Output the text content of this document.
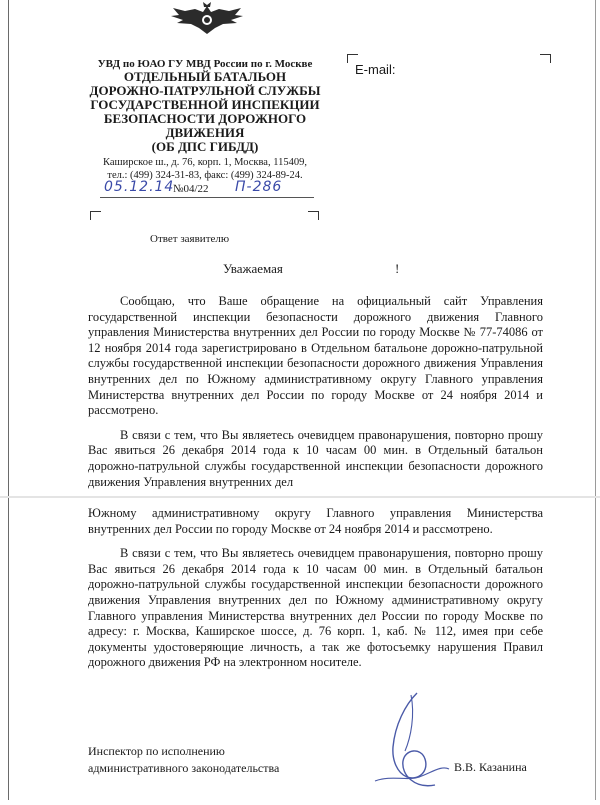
УВД по ЮАО ГУ МВД России по г. Москве

ОТДЕЛЬНЫЙ БАТАЛЬОН

ДОРОЖНО-ПАТРУЛЬНОЙ СЛУЖБЫ

ГОСУДАРСТВЕННОЙ ИНСПЕКЦИИ

БЕЗОПАСНОСТИ ДОРОЖНОГО

ДВИЖЕНИЯ

(ОБ ДПС ГИБДД)

Каширское ш., д. 76, корп. 1, Москва, 115409,

тел.: (499) 324-31-83, факс: (499) 324-89-24.

05.12.14
№04/22 П-286
E-mail:
Ответ заявителю
Уважаемая	!

Сообщаю, что Ваше обращение на официальный сайт Управления государственной инспекции безопасности дорожного движения Главного управления Министерства внутренних дел России по городу Москве № 77-74086 от 12 ноября 2014 года зарегистрировано в Отдельном батальоне дорожно-патрульной службы государственной инспекции безопасности дорожного движения Управления внутренних дел по Южному административному округу Главного управления Министерства внутренних дел России по городу Москве от 24 ноября 2014 и рассмотрено.

В связи с тем, что Вы являетесь очевидцем правонарушения, повторно прошу Вас явиться 26 декабря 2014 года к 10 часам 00 мин. в Отдельный батальон дорожно-патрульной службы государственной инспекции безопасности дорожного движения Управления внутренних дел

Южному административному округу Главного управления Министерства внутренних дел России по городу Москве от 24 ноября 2014 и рассмотрено.

В связи с тем, что Вы являетесь очевидцем правонарушения, повторно прошу Вас явиться 26 декабря 2014 года к 10 часам 00 мин. в Отдельный батальон дорожно-патрульной службы государственной инспекции безопасности дорожного движения Управления внутренних дел по Южному административному округу Главного управления Министерства внутренних дел России по городу Москве по адресу: г. Москва, Каширское шоссе, д. 76 корп. 1, каб. № 112, имея при себе документы удостоверяющие личность, а так же фотосъемку нарушения Правил дорожного движения РФ на электронном носителе.

Инспектор по исполнению
административного законодательства	В.В. Казанина
